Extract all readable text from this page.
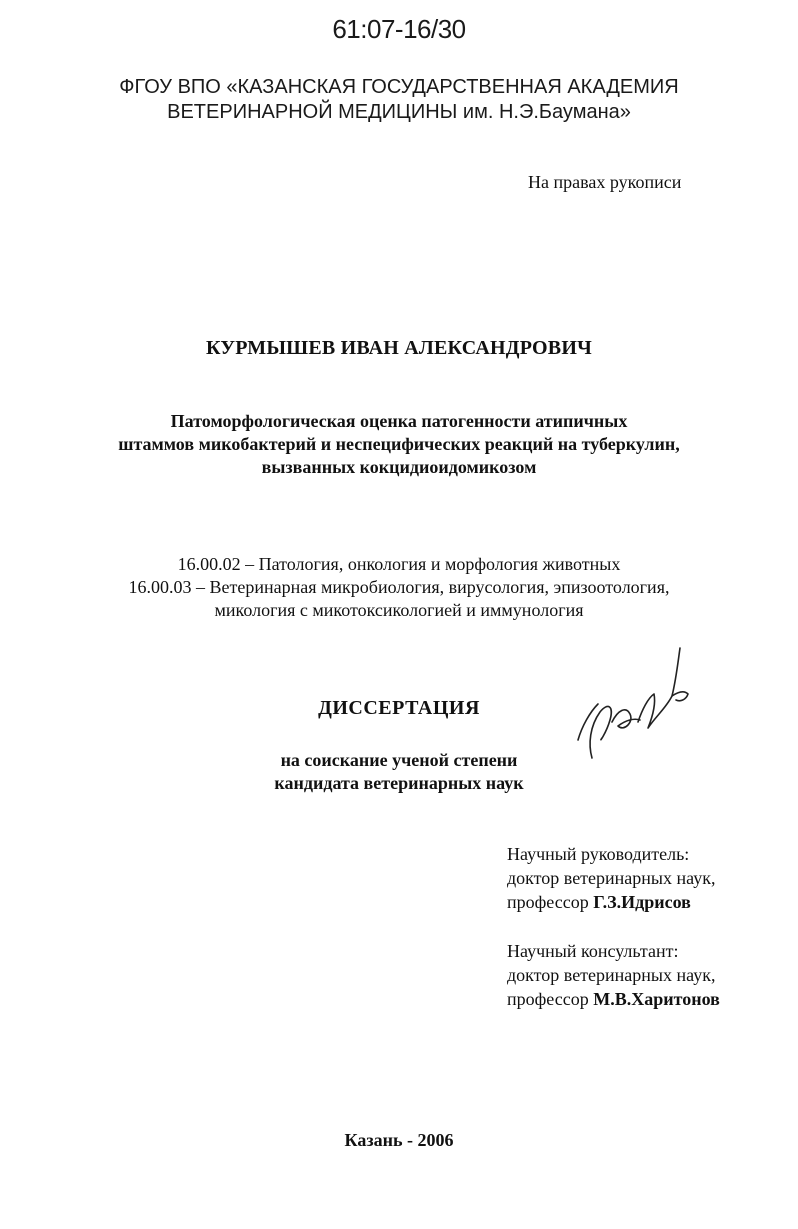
61:07-16/30
ФГОУ ВПО «КАЗАНСКАЯ ГОСУДАРСТВЕННАЯ АКАДЕМИЯ
ВЕТЕРИНАРНОЙ МЕДИЦИНЫ им. Н.Э.Баумана»
На правах рукописи
КУРМЫШЕВ ИВАН АЛЕКСАНДРОВИЧ
Патоморфологическая оценка патогенности атипичных
штаммов микобактерий и неспецифических реакций на туберкулин,
вызванных кокцидиоидомикозом
16.00.02 – Патология, онкология и морфология животных
16.00.03 – Ветеринарная микробиология, вирусология, эпизоотология,
микология с микотоксикологией и иммунология
ДИССЕРТАЦИЯ
на соискание ученой степени
кандидата ветеринарных наук
Научный руководитель:
доктор ветеринарных наук,
профессор Г.З.Идрисов
Научный консультант:
доктор ветеринарных наук,
профессор М.В.Харитонов
Казань - 2006
